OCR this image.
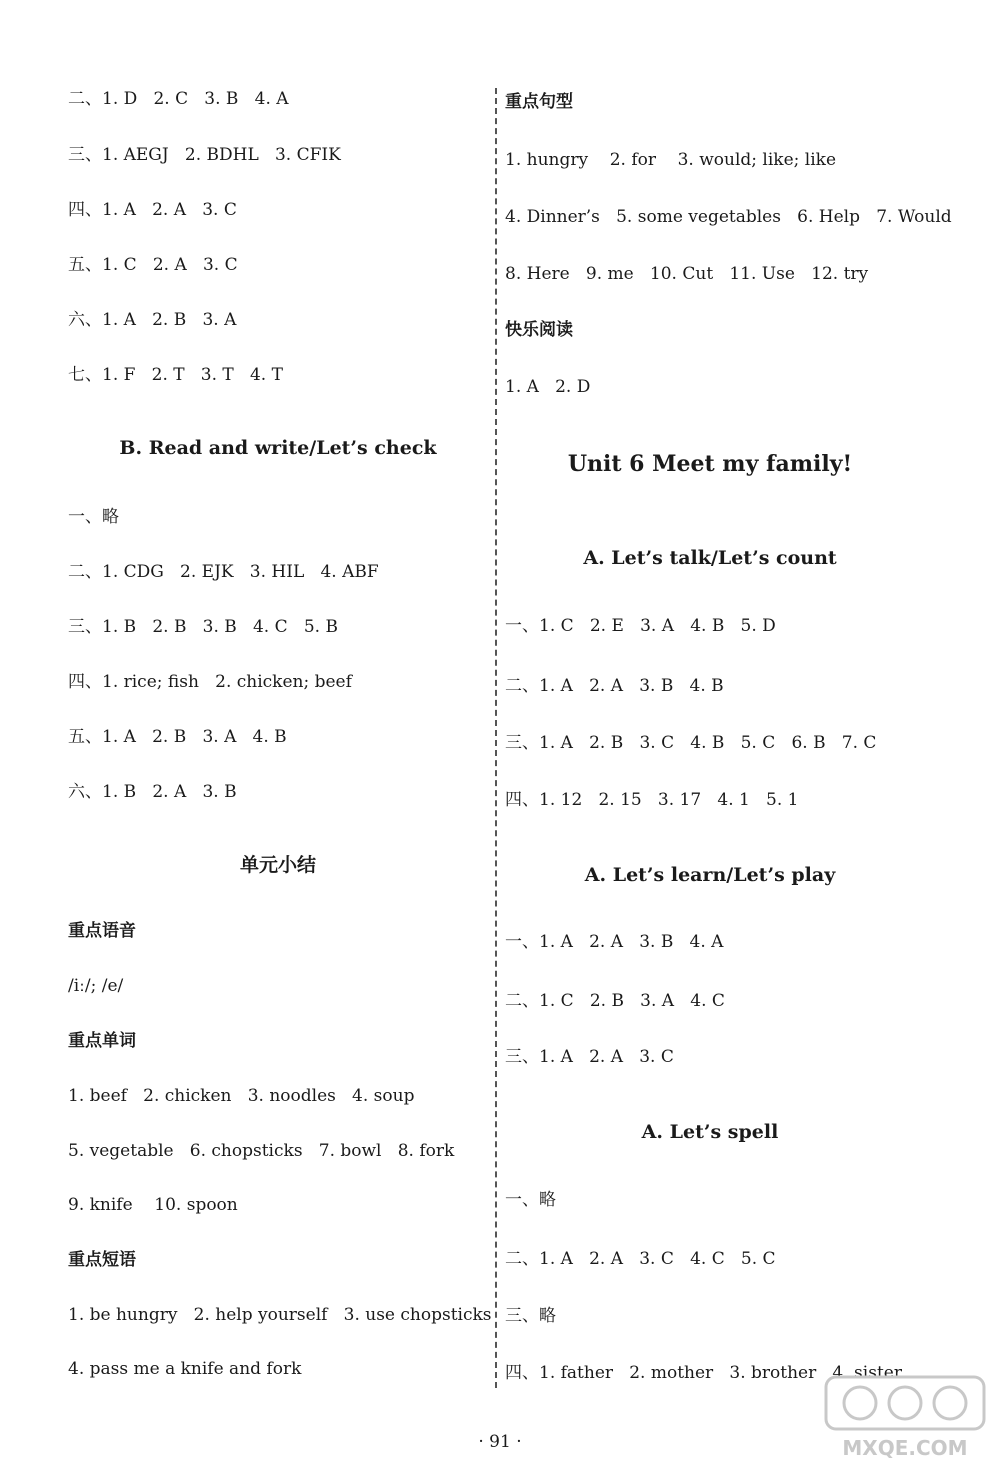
二、1. D   2. C   3. B   4. A
三、1. AEGJ   2. BDHL   3. CFIK
四、1. A   2. A   3. C
五、1. C   2. A   3. C
六、1. A   2. B   3. A
七、1. F   2. T   3. T   4. T
B. Read and write/Let’s check
一、略
二、1. CDG   2. EJK   3. HIL   4. ABF
三、1. B   2. B   3. B   4. C   5. B
四、1. rice; fish   2. chicken; beef
五、1. A   2. B   3. A   4. B
六、1. B   2. A   3. B
单元小结
重点语音
/iː/; /e/
重点单词
1. beef   2. chicken   3. noodles   4. soup
5. vegetable   6. chopsticks   7. bowl   8. fork
9. knife    10. spoon
重点短语
1. be hungry   2. help yourself   3. use chopsticks
4. pass me a knife and fork
重点句型
1. hungry    2. for    3. would; like; like
4. Dinner’s   5. some vegetables   6. Help   7. Would
8. Here   9. me   10. Cut   11. Use   12. try
快乐阅读
1. A   2. D
Unit 6 Meet my family!
A. Let’s talk/Let’s count
一、1. C   2. E   3. A   4. B   5. D
二、1. A   2. A   3. B   4. B
三、1. A   2. B   3. C   4. B   5. C   6. B   7. C
四、1. 12   2. 15   3. 17   4. 1   5. 1
A. Let’s learn/Let’s play
一、1. A   2. A   3. B   4. A
二、1. C   2. B   3. A   4. C
三、1. A   2. A   3. C
A. Let’s spell
一、略
二、1. A   2. A   3. C   4. C   5. C
三、略
四、1. father   2. mother   3. brother   4. sister
· 91 ·	MXQE.COM
